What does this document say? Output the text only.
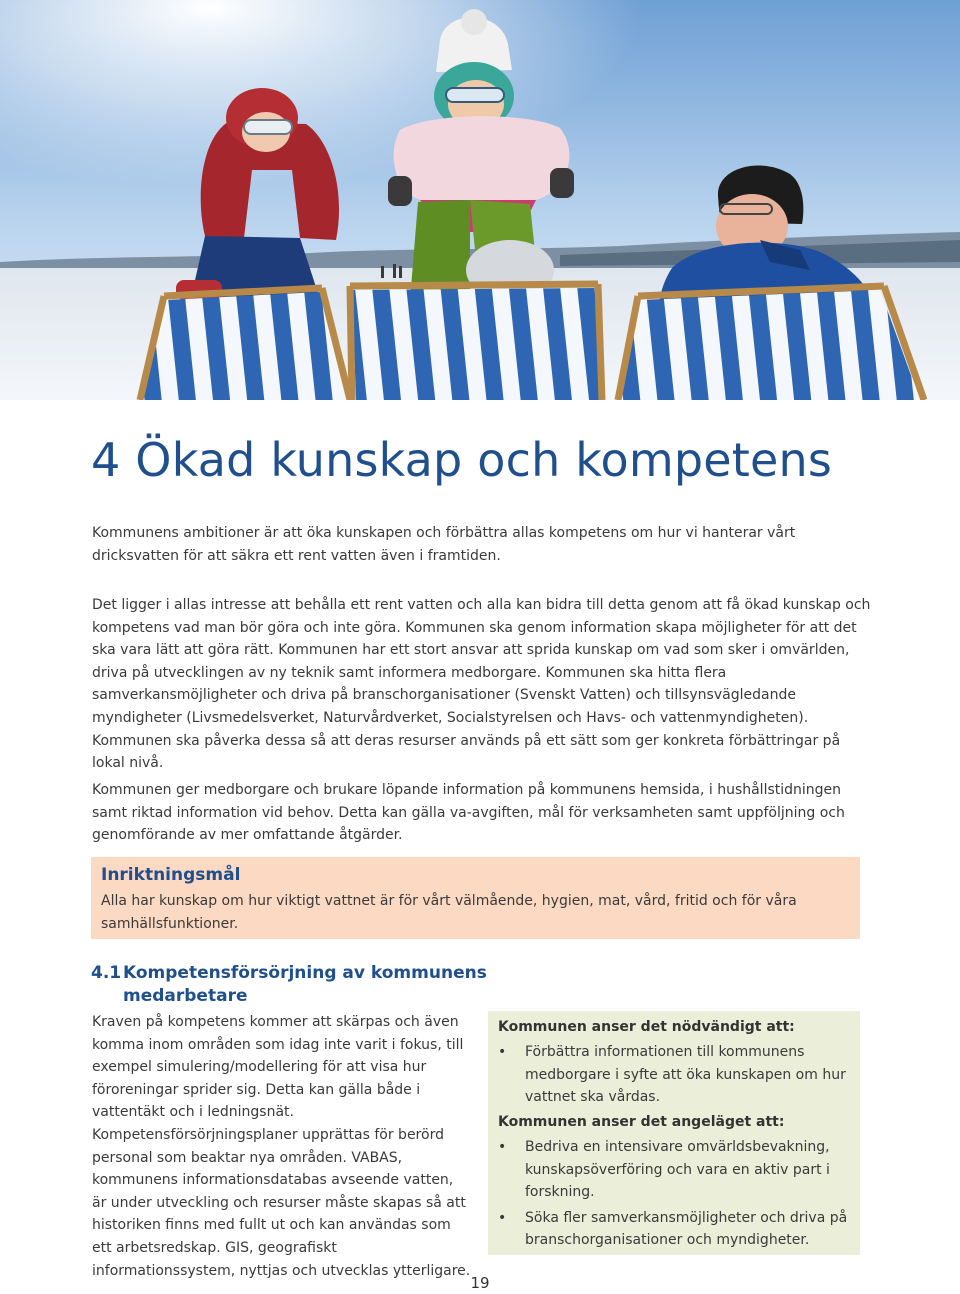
4 Ökad kunskap och kompetens

Kommunens ambitioner är att öka kunskapen och förbättra allas kompetens om hur vi hanterar vårt dricksvatten för att säkra ett rent vatten även i framtiden.

Det ligger i allas intresse att behålla ett rent vatten och alla kan bidra till detta genom att få ökad kunskap och kompetens vad man bör göra och inte göra. Kommunen ska genom information skapa möjligheter för att det ska vara lätt att göra rätt. Kommunen har ett stort ansvar att sprida kunskap om vad som sker i omvärlden, driva på utvecklingen av ny teknik samt informera medborgare. Kommunen ska hitta flera samverkansmöjligheter och driva på branschorganisationer (Svenskt Vatten) och tillsynsvägledande myndigheter (Livsmedelsverket, Naturvårdverket, Socialstyrelsen och Havs- och vattenmyndigheten). Kommunen ska påverka dessa så att deras resurser används på ett sätt som ger konkreta förbättringar på lokal nivå.

Kommunen ger medborgare och brukare löpande information på kommunens hemsida, i hushållstidningen samt riktad information vid behov. Detta kan gälla va-avgiften, mål för verksamheten samt uppföljning och genomförande av mer omfattande åtgärder.

Inriktningsmål
Alla har kunskap om hur viktigt vattnet är för vårt välmående, hygien, mat, vård, fritid och för våra samhällsfunktioner.
4.1 Kompetensförsörjning av kommunens
medarbetare

Kraven på kompetens kommer att skärpas och även komma inom områden som idag inte varit i fokus, till exempel simulering/modellering för att visa hur föroreningar sprider sig. Detta kan gälla både i vattentäkt och i ledningsnät. Kompetensförsörjningsplaner upprättas för berörd personal som beaktar nya områden. VABAS, kommunens informationsdatabas avseende vatten, är under utveckling och resurser måste skapas så att historiken finns med fullt ut och kan användas som ett arbetsredskap. GIS, geografiskt informationssystem, nyttjas och utvecklas ytterligare.

Kommunen anser det nödvändigt att:
• Förbättra informationen till kommunens medborgare i syfte att öka kunskapen om hur vattnet ska vårdas.
Kommunen anser det angeläget att:
• Bedriva en intensivare omvärldsbevakning, kunskapsöverföring och vara en aktiv part i forskning.
• Söka fler samverkansmöjligheter och driva på branschorganisationer och myndigheter.
19
